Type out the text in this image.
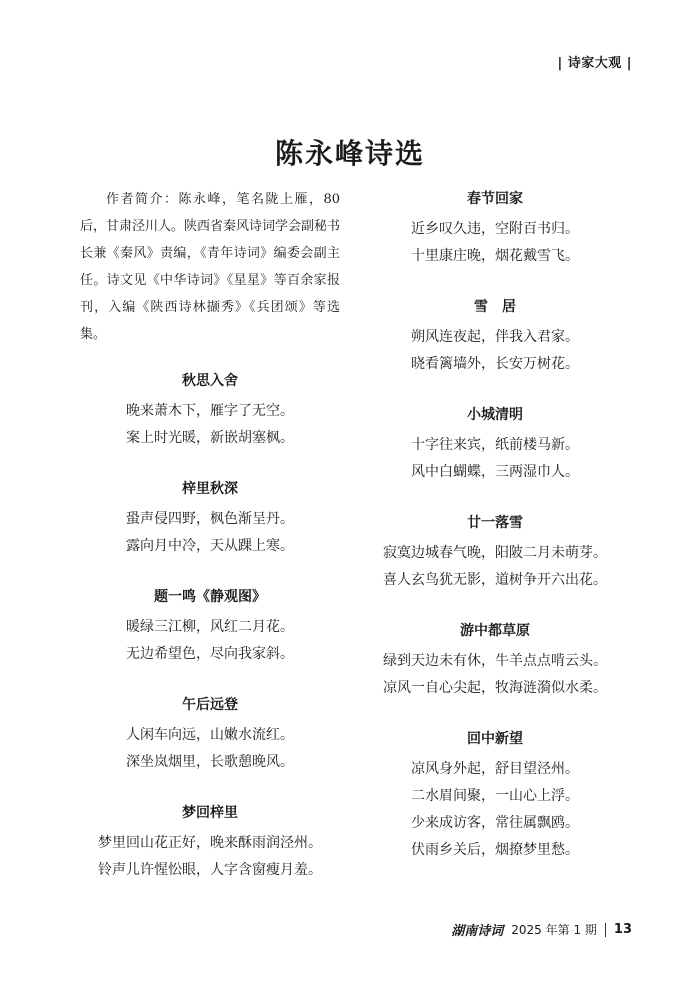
| 诗家大观 |
陈永峰诗选

作者简介：陈永峰，笔名陇上雁，80后，甘肃泾川人。陕西省秦风诗词学会副秘书长兼《秦风》责编，《青年诗词》编委会副主任。诗文见《中华诗词》《星星》等百余家报刊，入编《陕西诗林撷秀》《兵团颂》等选集。

秋思入舍
晚来萧木下，雁字了无空。
案上时光暖，新嵌胡塞枫。
梓里秋深
蛩声侵四野，枫色渐呈丹。
露向月中冷，天从踝上寒。
题一鸣《静观图》
暖绿三江柳，风红二月花。
无边希望色，尽向我家斜。
午后远登
人闲车向远，山嫩水流红。
深坐岚烟里，长歌憩晚风。
梦回梓里
梦里回山花正好，晚来酥雨润泾州。
铃声儿许惺忪眼，人字含窗瘦月羞。
春节回家
近乡叹久违，空附百书归。
十里康庄晚，烟花戴雪飞。
雪　居
朔风连夜起，伴我入君家。
晓看篱墙外，长安万树花。
小城清明
十字往来宾，纸前楼马新。
风中白蝴蝶，三两湿巾人。
廿一落雪
寂寞边城春气晚，阳陂二月未萌芽。
喜人玄鸟犹无影，道树争开六出花。
游中都草原
绿到天边未有休，牛羊点点啃云头。
凉风一自心尖起，牧海涟漪似水柔。
回中新望
凉风身外起，舒目望泾州。
二水眉间聚，一山心上浮。
少来成访客，常往属飘鸥。
伏雨乡关后，烟撩梦里愁。
湖南诗词 2025 年第 1 期 13
